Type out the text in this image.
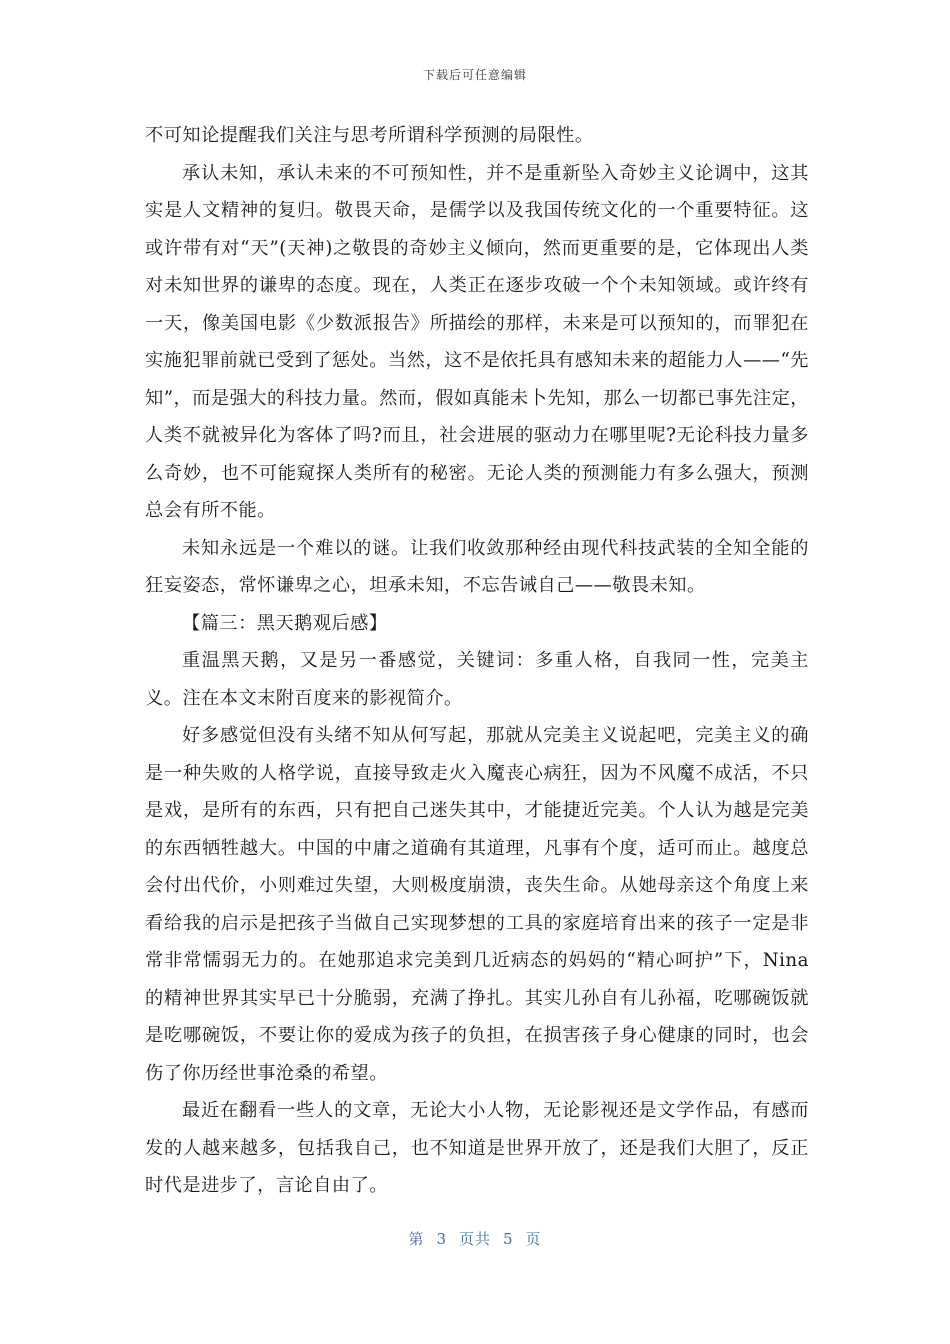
下载后可任意编辑

不可知论提醒我们关注与思考所谓科学预测的局限性。

承认未知，承认未来的不可预知性，并不是重新坠入奇妙主义论调中，这其实是人文精神的复归。敬畏天命，是儒学以及我国传统文化的一个重要特征。这或许带有对“天”(天神)之敬畏的奇妙主义倾向，然而更重要的是，它体现出人类对未知世界的谦卑的态度。现在，人类正在逐步攻破一个个未知领域。或许终有一天，像美国电影《少数派报告》所描绘的那样，未来是可以预知的，而罪犯在实施犯罪前就已受到了惩处。当然，这不是依托具有感知未来的超能力人——“先知”，而是强大的科技力量。然而，假如真能未卜先知，那么一切都已事先注定，人类不就被异化为客体了吗?而且，社会进展的驱动力在哪里呢?无论科技力量多么奇妙，也不可能窥探人类所有的秘密。无论人类的预测能力有多么强大，预测总会有所不能。

未知永远是一个难以的谜。让我们收敛那种经由现代科技武装的全知全能的狂妄姿态，常怀谦卑之心，坦承未知，不忘告诫自己——敬畏未知。

【篇三：黑天鹅观后感】

重温黑天鹅，又是另一番感觉，关键词：多重人格，自我同一性，完美主义。注在本文末附百度来的影视简介。

好多感觉但没有头绪不知从何写起，那就从完美主义说起吧，完美主义的确是一种失败的人格学说，直接导致走火入魔丧心病狂，因为不风魔不成活，不只是戏，是所有的东西，只有把自己迷失其中，才能捷近完美。个人认为越是完美的东西牺牲越大。中国的中庸之道确有其道理，凡事有个度，适可而止。越度总会付出代价，小则难过失望，大则极度崩溃，丧失生命。从她母亲这个角度上来看给我的启示是把孩子当做自己实现梦想的工具的家庭培育出来的孩子一定是非常非常懦弱无力的。在她那追求完美到几近病态的妈妈的“精心呵护”下，Nina 的精神世界其实早已十分脆弱，充满了挣扎。其实儿孙自有儿孙福，吃哪碗饭就是吃哪碗饭，不要让你的爱成为孩子的负担，在损害孩子身心健康的同时，也会伤了你历经世事沧桑的希望。

最近在翻看一些人的文章，无论大小人物，无论影视还是文学作品，有感而发的人越来越多，包括我自己，也不知道是世界开放了，还是我们大胆了，反正时代是进步了，言论自由了。

第 3 页共 5 页
